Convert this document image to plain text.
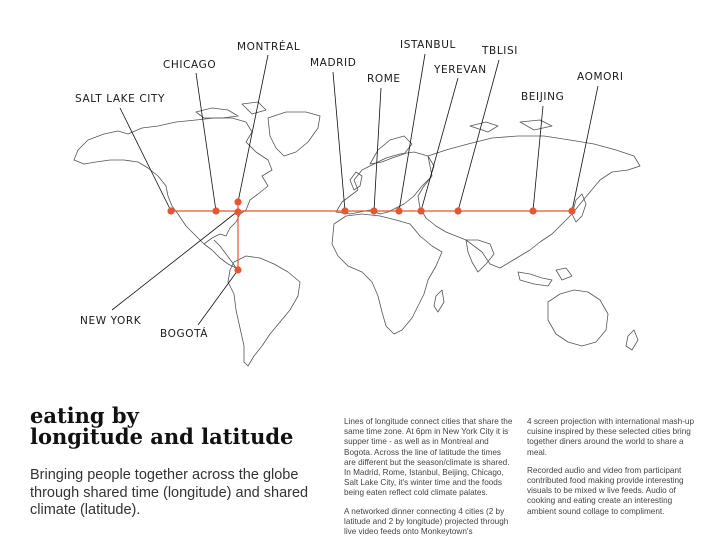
SALT LAKE CITY
CHICAGO
MONTRÉAL
NEW YORK
BOGOTÁ
MADRID
ROME
ISTANBUL
YEREVAN
TBLISI
BEIJING
AOMORI
eating by
longitude and latitude

Bringing people together across the globe through shared time (longitude) and shared climate (latitude).

Lines of longitude connect cities that share the same time zone. At 6pm in New York City it is supper time - as well as in Montreal and Bogota. Across the line of latitude the times are different but the season/climate is shared. In Madrid, Rome, Istanbul, Beijing, Chicago, Salt Lake City, it's winter time and the foods being eaten reflect cold climate palates.

A networked dinner connecting 4 cities (2 by latitude and 2 by longitude) projected through live video feeds onto Monkeytown's

4 screen projection with international mash-up cuisine inspired by these selected cities bring together diners around the world to share a meal.

Recorded audio and video from participant contributed food making provide interesting visuals to be mixed w live feeds. Audio of cooking and eating create an interesting ambient sound collage to compliment.
